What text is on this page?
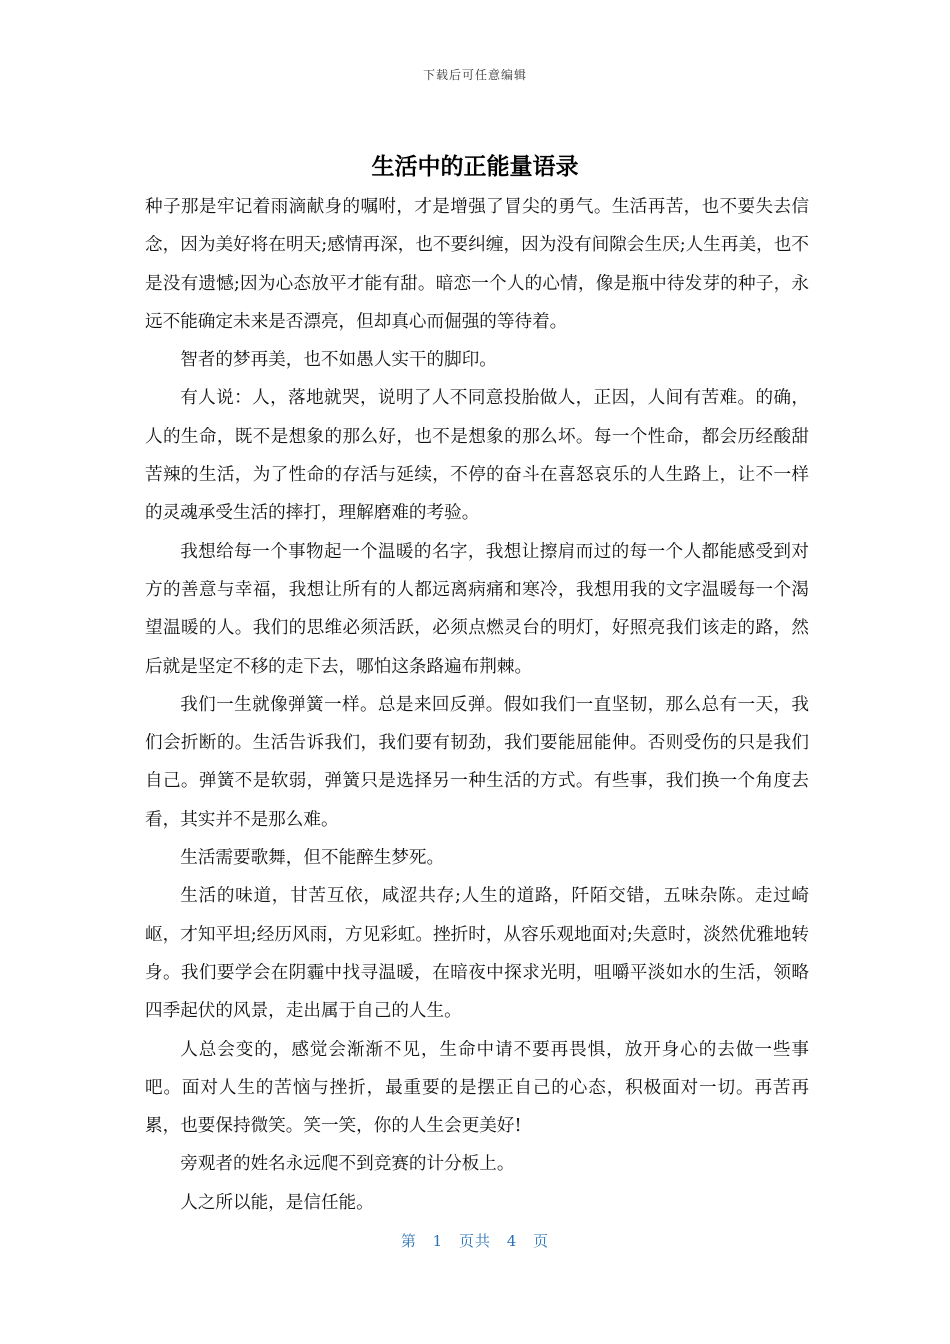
下载后可任意编辑
生活中的正能量语录

种子那是牢记着雨滴献身的嘱咐，才是增强了冒尖的勇气。生活再苦，也不要失去信念，因为美好将在明天;感情再深，也不要纠缠，因为没有间隙会生厌;人生再美，也不是没有遗憾;因为心态放平才能有甜。暗恋一个人的心情，像是瓶中待发芽的种子，永远不能确定未来是否漂亮，但却真心而倔强的等待着。

智者的梦再美，也不如愚人实干的脚印。

有人说：人，落地就哭，说明了人不同意投胎做人，正因，人间有苦难。的确，人的生命，既不是想象的那么好，也不是想象的那么坏。每一个性命，都会历经酸甜苦辣的生活，为了性命的存活与延续，不停的奋斗在喜怒哀乐的人生路上，让不一样的灵魂承受生活的摔打，理解磨难的考验。

我想给每一个事物起一个温暖的名字，我想让擦肩而过的每一个人都能感受到对方的善意与幸福，我想让所有的人都远离病痛和寒冷，我想用我的文字温暖每一个渴望温暖的人。我们的思维必须活跃，必须点燃灵台的明灯，好照亮我们该走的路，然后就是坚定不移的走下去，哪怕这条路遍布荆棘。

我们一生就像弹簧一样。总是来回反弹。假如我们一直坚韧，那么总有一天，我们会折断的。生活告诉我们，我们要有韧劲，我们要能屈能伸。否则受伤的只是我们自己。弹簧不是软弱，弹簧只是选择另一种生活的方式。有些事，我们换一个角度去看，其实并不是那么难。

生活需要歌舞，但不能醉生梦死。

生活的味道，甘苦互依，咸涩共存;人生的道路，阡陌交错，五味杂陈。走过崎岖，才知平坦;经历风雨，方见彩虹。挫折时，从容乐观地面对;失意时，淡然优雅地转身。我们要学会在阴霾中找寻温暖，在暗夜中探求光明，咀嚼平淡如水的生活，领略四季起伏的风景，走出属于自己的人生。

人总会变的，感觉会渐渐不见，生命中请不要再畏惧，放开身心的去做一些事吧。面对人生的苦恼与挫折，最重要的是摆正自己的心态，积极面对一切。再苦再累，也要保持微笑。笑一笑，你的人生会更美好!

旁观者的姓名永远爬不到竞赛的计分板上。

人之所以能，是信任能。

第 1 页共 4 页
